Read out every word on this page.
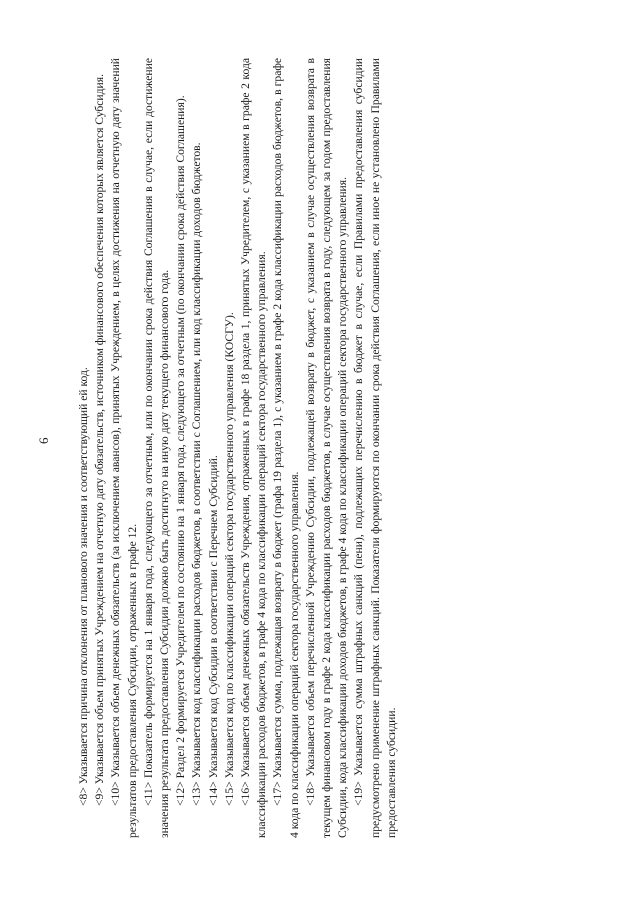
6 <8> Указывается причина отклонения от планового значения и соответствующий ей код. <9> Указывается объем принятых Учреждением на отчетную дату обязательств, источником финансового обеспечения которых является Субсидия. <10> Указывается объем денежных обязательств (за исключением авансов), принятых Учреждением, в целях достижения на отчетную дату значений результатов предоставления Субсидии, отраженных в графе 12. <11> Показатель формируется на 1 января года, следующего за отчетным, или по окончании срока действия Соглашения в случае, если достижение значения результата предоставления Субсидии должно быть достигнуто на иную дату текущего финансового года. <12> Раздел 2 формируется Учредителем по состоянию на 1 января года, следующего за отчетным (по окончании срока действия Соглашения). <13> Указывается код классификации расходов бюджетов, в соответствии с Соглашением, или код классификации доходов бюджетов. <14> Указывается код Субсидии в соответствии с Перечнем Субсидий. <15> Указывается код по классификации операций сектора государственного управления (КОСГУ). <16> Указывается объем денежных обязательств Учреждения, отраженных в графе 18 раздела 1, принятых Учредителем, с указанием в графе 2 кода классификации расходов бюджетов, в графе 4 кода по классификации операций сектора государственного управления. <17> Указывается сумма, подлежащая возврату в бюджет (графа 19 раздела 1), с указанием в графе 2 кода классификации расходов бюджетов, в графе 4 кода по классификации операций сектора государственного управления. <18> Указывается объем перечисленной Учреждению Субсидии, подлежащей возврату в бюджет, с указанием в случае осуществления возврата в текущем финансовом году в графе 2 кода классификации расходов бюджетов, в случае осуществления возврата в году, следующем за годом предоставления Субсидии, кода классификации доходов бюджетов, в графе 4 кода по классификации операций сектора государственного управления. <19> Указывается сумма штрафных санкций (пени), подлежащих перечислению в бюджет в случае, если Правилами предоставления субсидии предусмотрено применение штрафных санкций. Показатели формируются по окончании срока действия Соглашения, если иное не установлено Правилами предоставления субсидии.
